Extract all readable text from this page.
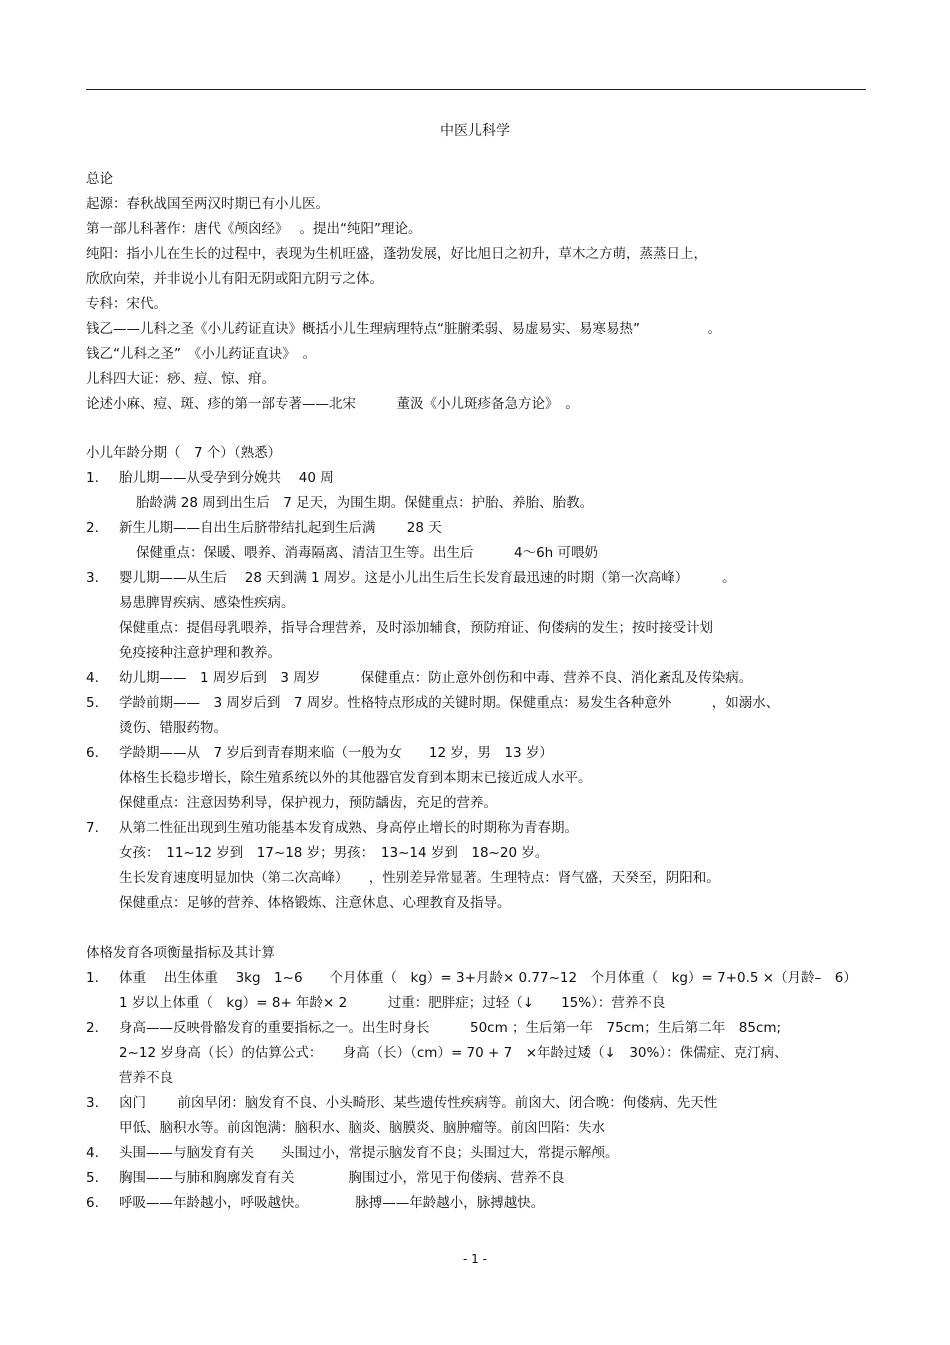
中医儿科学
总论
起源：春秋战国至两汉时期已有小儿医。
第一部儿科著作：唐代《颅囟经》　 。提出“纯阳”理论。
纯阳：指小儿在生长的过程中，表现为生机旺盛，蓬勃发展，好比旭日之初升，草木之方萌，蒸蒸日上，
欣欣向荣，并非说小儿有阳无阴或阳亢阴亏之体。
专科：宋代。
钱乙——儿科之圣《小儿药证直诀》概括小儿生理病理特点“脏腑柔弱、易虚易实、易寒易热”　　　　　。
钱乙“儿科之圣”　《小儿药证直诀》　。
儿科四大证：痧、痘、惊、疳。
论述小麻、痘、斑、疹的第一部专著——北宋　　　董汲《小儿斑疹备急方论》　。
小儿年龄分期（　7 个）（熟悉）
1. 胎儿期——从受孕到分娩共　 40 周
胎龄满 28 周到出生后　7 足天，为围生期。保健重点：护胎、养胎、胎教。
2. 新生儿期——自出生后脐带结扎起到生后满　　 28 天
保健重点：保暖、喂养、消毒隔离、清洁卫生等。出生后　　　4～6h 可喂奶
3. 婴儿期——从生后　 28 天到满 1 周岁。这是小儿出生后生长发育最迅速的时期（第一次高峰）　　　。
易患脾胃疾病、感染性疾病。
保健重点：提倡母乳喂养，指导合理营养，及时添加辅食，预防疳证、佝偻病的发生；按时接受计划
免疫接种注意护理和教养。
4. 幼儿期——　1 周岁后到　3 周岁　　　保健重点：防止意外创伤和中毒、营养不良、消化紊乱及传染病。
5. 学龄前期——　3 周岁后到　7 周岁。性格特点形成的关键时期。保健重点：易发生各种意外　　　，如溺水、
烫伤、错服药物。
6. 学龄期——从　7 岁后到青春期来临（一般为女　　12 岁，男　13 岁）
体格生长稳步增长，除生殖系统以外的其他器官发育到本期末已接近成人水平。
保健重点：注意因势利导，保护视力，预防龋齿，充足的营养。
7. 从第二性征出现到生殖功能基本发育成熟、身高停止增长的时期称为青春期。
女孩：　11~12 岁到　17~18 岁；男孩：　13~14 岁到　18~20 岁。
生长发育速度明显加快（第二次高峰）　　，性别差异常显著。生理特点：肾气盛，天癸至，阴阳和。
保健重点：足够的营养、体格锻炼、注意休息、心理教育及指导。
体格发育各项衡量指标及其计算
1. 体重　 出生体重　 3kg　1~6　　个月体重（　kg）= 3+月龄× 0.77~12　个月体重（　kg）= 7+0.5 ×（月龄–　6）
1 岁以上体重（　kg）= 8+ 年龄× 2　　　过重：肥胖症；过轻（↓　　15%）：营养不良
2. 身高——反映骨骼发育的重要指标之一。出生时身长　　　50cm ；生后第一年　75cm；生后第二年　85cm;
2~12 岁身高（长）的估算公式：　　身高（长）（cm）= 70 + 7　×年龄过矮（↓　30%）：侏儒症、克汀病、
营养不良
3. 囟门　　 前囟早闭：脑发育不良、小头畸形、某些遗传性疾病等。前囟大、闭合晚：佝偻病、先天性
甲低、脑积水等。前囟饱满：脑积水、脑炎、脑膜炎、脑肿瘤等。前囟凹陷：失水
4. 头围——与脑发育有关　　头围过小，常提示脑发育不良；头围过大，常提示解颅。
5. 胸围——与肺和胸廓发育有关　　　　胸围过小，常见于佝偻病、营养不良
6. 呼吸——年龄越小，呼吸越快。　　　　脉搏——年龄越小，脉搏越快。
- 1 -
